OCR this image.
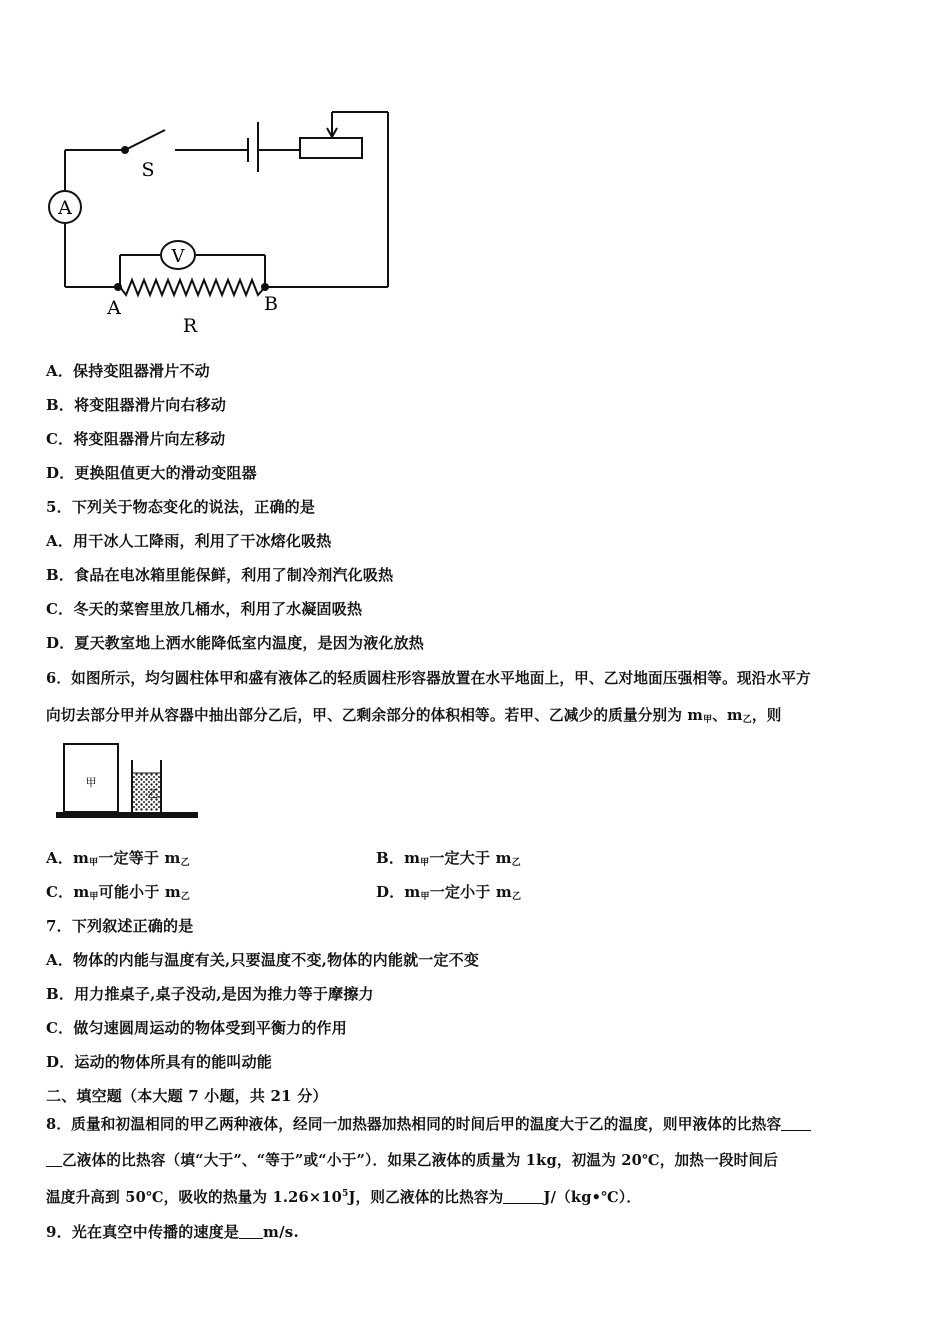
A
V
S
A	B
R
A．保持变阻器滑片不动
B．将变阻器滑片向右移动
C．将变阻器滑片向左移动
D．更换阻值更大的滑动变阻器
5．下列关于物态变化的说法，正确的是
A．用干冰人工降雨，利用了干冰熔化吸热
B．食品在电冰箱里能保鲜，利用了制冷剂汽化吸热
C．冬天的菜窖里放几桶水，利用了水凝固吸热
D．夏天教室地上洒水能降低室内温度，是因为液化放热
6．如图所示，均匀圆柱体甲和盛有液体乙的轻质圆柱形容器放置在水平地面上，甲、乙对地面压强相等。现沿水平方
向切去部分甲并从容器中抽出部分乙后，甲、乙剩余部分的体积相等。若甲、乙减少的质量分别为 $m_甲$、$m_乙$，则
甲
乙
A．$m_甲$一定等于 $m_乙$	B．$m_甲$一定大于 $m_乙$
C．$m_甲$可能小于 $m_乙$	D．$m_甲$一定小于 $m_乙$
7．下列叙述正确的是
A．物体的内能与温度有关,只要温度不变,物体的内能就一定不变
B．用力推桌子,桌子没动,是因为推力等于摩擦力
C．做匀速圆周运动的物体受到平衡力的作用
D．运动的物体所具有的能叫动能
二、填空题（本大题 7 小题，共 21 分）
8．质量和初温相同的甲乙两种液体，经同一加热器加热相同的时间后甲的温度大于乙的温度，则甲液体的比热容
乙液体的比热容（填“大于”、“等于”或“小于”）．如果乙液体的质量为 1kg，初温为 20℃，加热一段时间后
温度升高到 50℃，吸收的热量为 $1.26\times 10^5J$，则乙液体的比热容为	J/（kg•℃）．
9．光在真空中传播的速度是 m/s.
